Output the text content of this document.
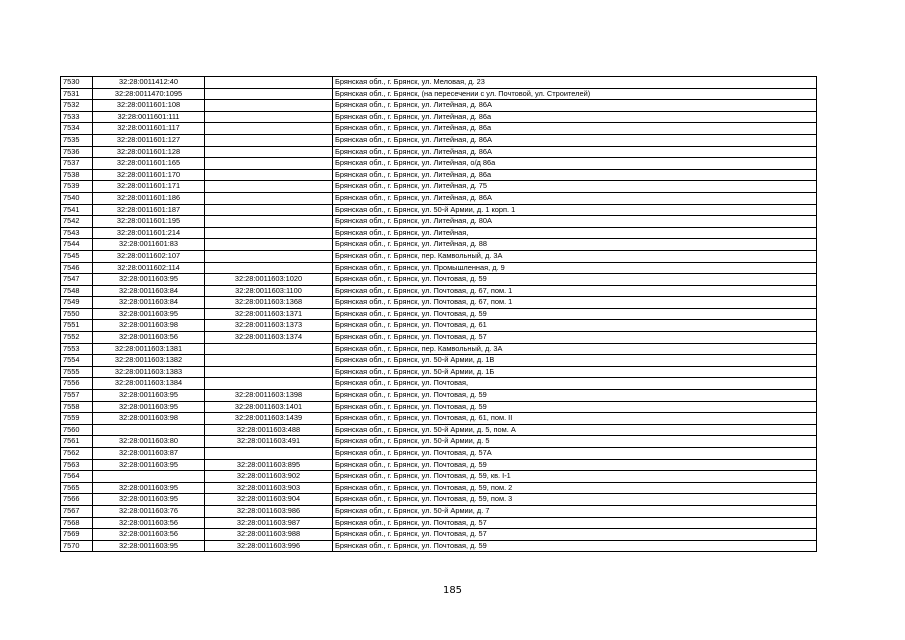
7530	32:28:0011412:40		Брянская обл., г. Брянск, ул. Меловая, д. 23
7531	32:28:0011470:1095		Брянская обл., г. Брянск, (на пересечении с ул. Почтовой, ул. Строителей)
7532	32:28:0011601:108		Брянская обл., г. Брянск, ул. Литейная, д. 86А
7533	32:28:0011601:111		Брянская обл., г. Брянск, ул. Литейная, д. 86а
7534	32:28:0011601:117		Брянская обл., г. Брянск, ул. Литейная, д. 86а
7535	32:28:0011601:127		Брянская обл., г. Брянск, ул. Литейная, д. 86А
7536	32:28:0011601:128		Брянская обл., г. Брянск, ул. Литейная, д. 86А
7537	32:28:0011601:165		Брянская обл., г. Брянск, ул. Литейная, о/д 86а
7538	32:28:0011601:170		Брянская обл., г. Брянск, ул. Литейная, д. 86а
7539	32:28:0011601:171		Брянская обл., г. Брянск, ул. Литейная, д. 75
7540	32:28:0011601:186		Брянская обл., г. Брянск, ул. Литейная, д. 86А
7541	32:28:0011601:187		Брянская обл., г. Брянск, ул. 50-й Армии, д. 1 корп. 1
7542	32:28:0011601:195		Брянская обл., г. Брянск, ул. Литейная, д. 80А
7543	32:28:0011601:214		Брянская обл., г. Брянск, ул. Литейная,
7544	32:28:0011601:83		Брянская обл., г. Брянск, ул. Литейная, д. 88
7545	32:28:0011602:107		Брянская обл., г. Брянск, пер. Камвольный, д. 3А
7546	32:28:0011602:114		Брянская обл., г. Брянск, ул. Промышленная, д. 9
7547	32:28:0011603:95	32:28:0011603:1020	Брянская обл., г. Брянск, ул. Почтовая, д. 59
7548	32:28:0011603:84	32:28:0011603:1100	Брянская обл., г. Брянск, ул. Почтовая, д. 67, пом. 1
7549	32:28:0011603:84	32:28:0011603:1368	Брянская обл., г. Брянск, ул. Почтовая, д. 67, пом. 1
7550	32:28:0011603:95	32:28:0011603:1371	Брянская обл., г. Брянск, ул. Почтовая, д. 59
7551	32:28:0011603:98	32:28:0011603:1373	Брянская обл., г. Брянск, ул. Почтовая, д. 61
7552	32:28:0011603:56	32:28:0011603:1374	Брянская обл., г. Брянск, ул. Почтовая, д. 57
7553	32:28:0011603:1381		Брянская обл., г. Брянск, пер. Камвольный, д. 3А
7554	32:28:0011603:1382		Брянская обл., г. Брянск, ул. 50-й Армии, д. 1В
7555	32:28:0011603:1383		Брянская обл., г. Брянск, ул. 50-й Армии, д. 1Б
7556	32:28:0011603:1384		Брянская обл., г. Брянск, ул. Почтовая,
7557	32:28:0011603:95	32:28:0011603:1398	Брянская обл., г. Брянск, ул. Почтовая, д. 59
7558	32:28:0011603:95	32:28:0011603:1401	Брянская обл., г. Брянск, ул. Почтовая, д. 59
7559	32:28:0011603:98	32:28:0011603:1439	Брянская обл., г. Брянск, ул. Почтовая, д. 61, пом. II
7560		32:28:0011603:488	Брянская обл., г. Брянск, ул. 50-й Армии, д. 5, пом. А
7561	32:28:0011603:80	32:28:0011603:491	Брянская обл., г. Брянск, ул. 50-й Армии, д. 5
7562	32:28:0011603:87		Брянская обл., г. Брянск, ул. Почтовая, д. 57А
7563	32:28:0011603:95	32:28:0011603:895	Брянская обл., г. Брянск, ул. Почтовая, д. 59
7564		32:28:0011603:902	Брянская обл., г. Брянск, ул. Почтовая, д. 59, кв. I-1
7565	32:28:0011603:95	32:28:0011603:903	Брянская обл., г. Брянск, ул. Почтовая, д. 59, пом. 2
7566	32:28:0011603:95	32:28:0011603:904	Брянская обл., г. Брянск, ул. Почтовая, д. 59, пом. 3
7567	32:28:0011603:76	32:28:0011603:986	Брянская обл., г. Брянск, ул. 50-й Армии, д. 7
7568	32:28:0011603:56	32:28:0011603:987	Брянская обл., г. Брянск, ул. Почтовая, д. 57
7569	32:28:0011603:56	32:28:0011603:988	Брянская обл., г. Брянск, ул. Почтовая, д. 57
7570	32:28:0011603:95	32:28:0011603:996	Брянская обл., г. Брянск, ул. Почтовая, д. 59
185
